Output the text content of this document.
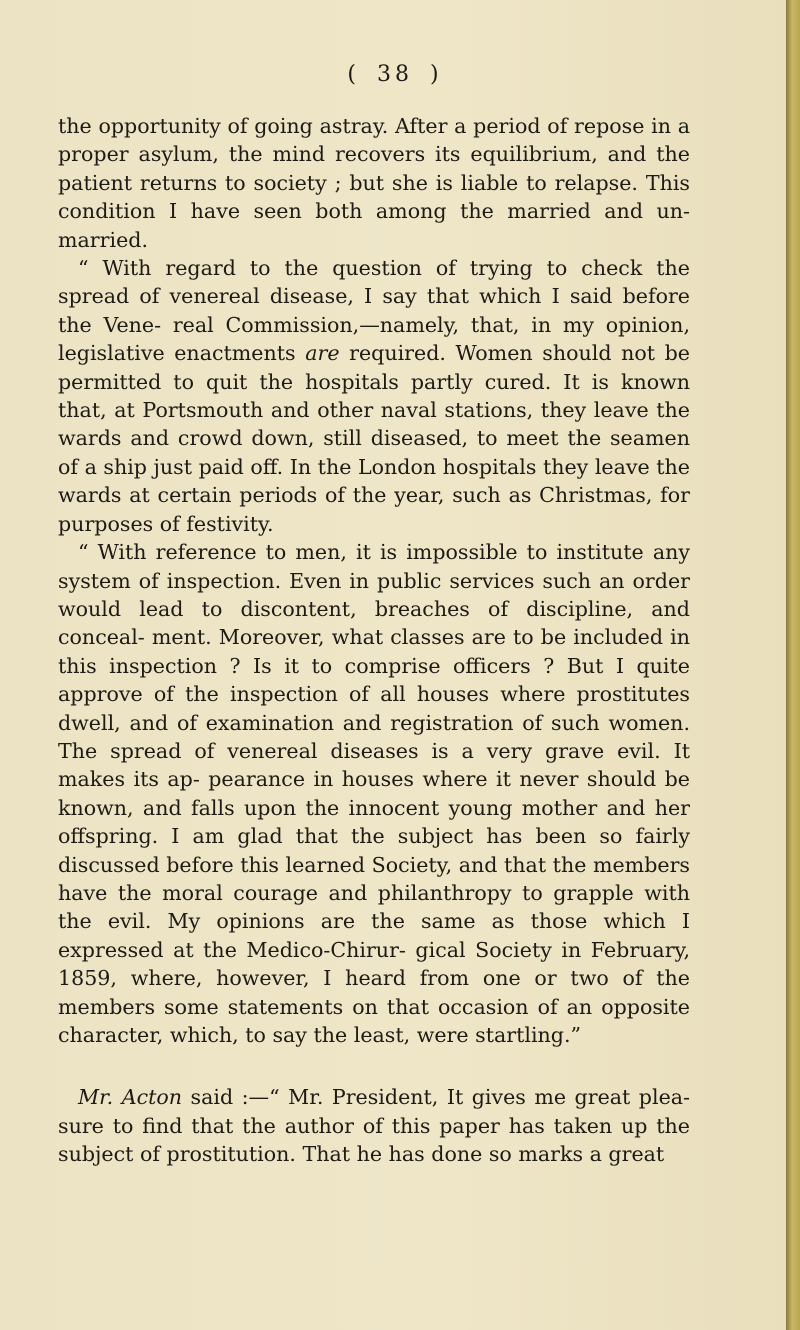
( 38 )

the opportunity of going astray. After a period of repose in a proper asylum, the mind recovers its equilibrium, and the patient returns to society ; but she is liable to relapse. This condition I have seen both among the married and un- married.

“ With regard to the question of trying to check the spread of venereal disease, I say that which I said before the Vene- real Commission,—namely, that, in my opinion, legislative enactments are required. Women should not be permitted to quit the hospitals partly cured. It is known that, at Portsmouth and other naval stations, they leave the wards and crowd down, still diseased, to meet the seamen of a ship just paid off. In the London hospitals they leave the wards at certain periods of the year, such as Christmas, for purposes of festivity.

“ With reference to men, it is impossible to institute any system of inspection. Even in public services such an order would lead to discontent, breaches of discipline, and conceal- ment. Moreover, what classes are to be included in this inspection ? Is it to comprise officers ? But I quite approve of the inspection of all houses where prostitutes dwell, and of examination and registration of such women. The spread of venereal diseases is a very grave evil. It makes its ap- pearance in houses where it never should be known, and falls upon the innocent young mother and her offspring. I am glad that the subject has been so fairly discussed before this learned Society, and that the members have the moral courage and philanthropy to grapple with the evil. My opinions are the same as those which I expressed at the Medico-Chirur- gical Society in February, 1859, where, however, I heard from one or two of the members some statements on that occasion of an opposite character, which, to say the least, were startling.”

Mr. Acton said :—“ Mr. President, It gives me great plea- sure to find that the author of this paper has taken up the subject of prostitution. That he has done so marks a great
